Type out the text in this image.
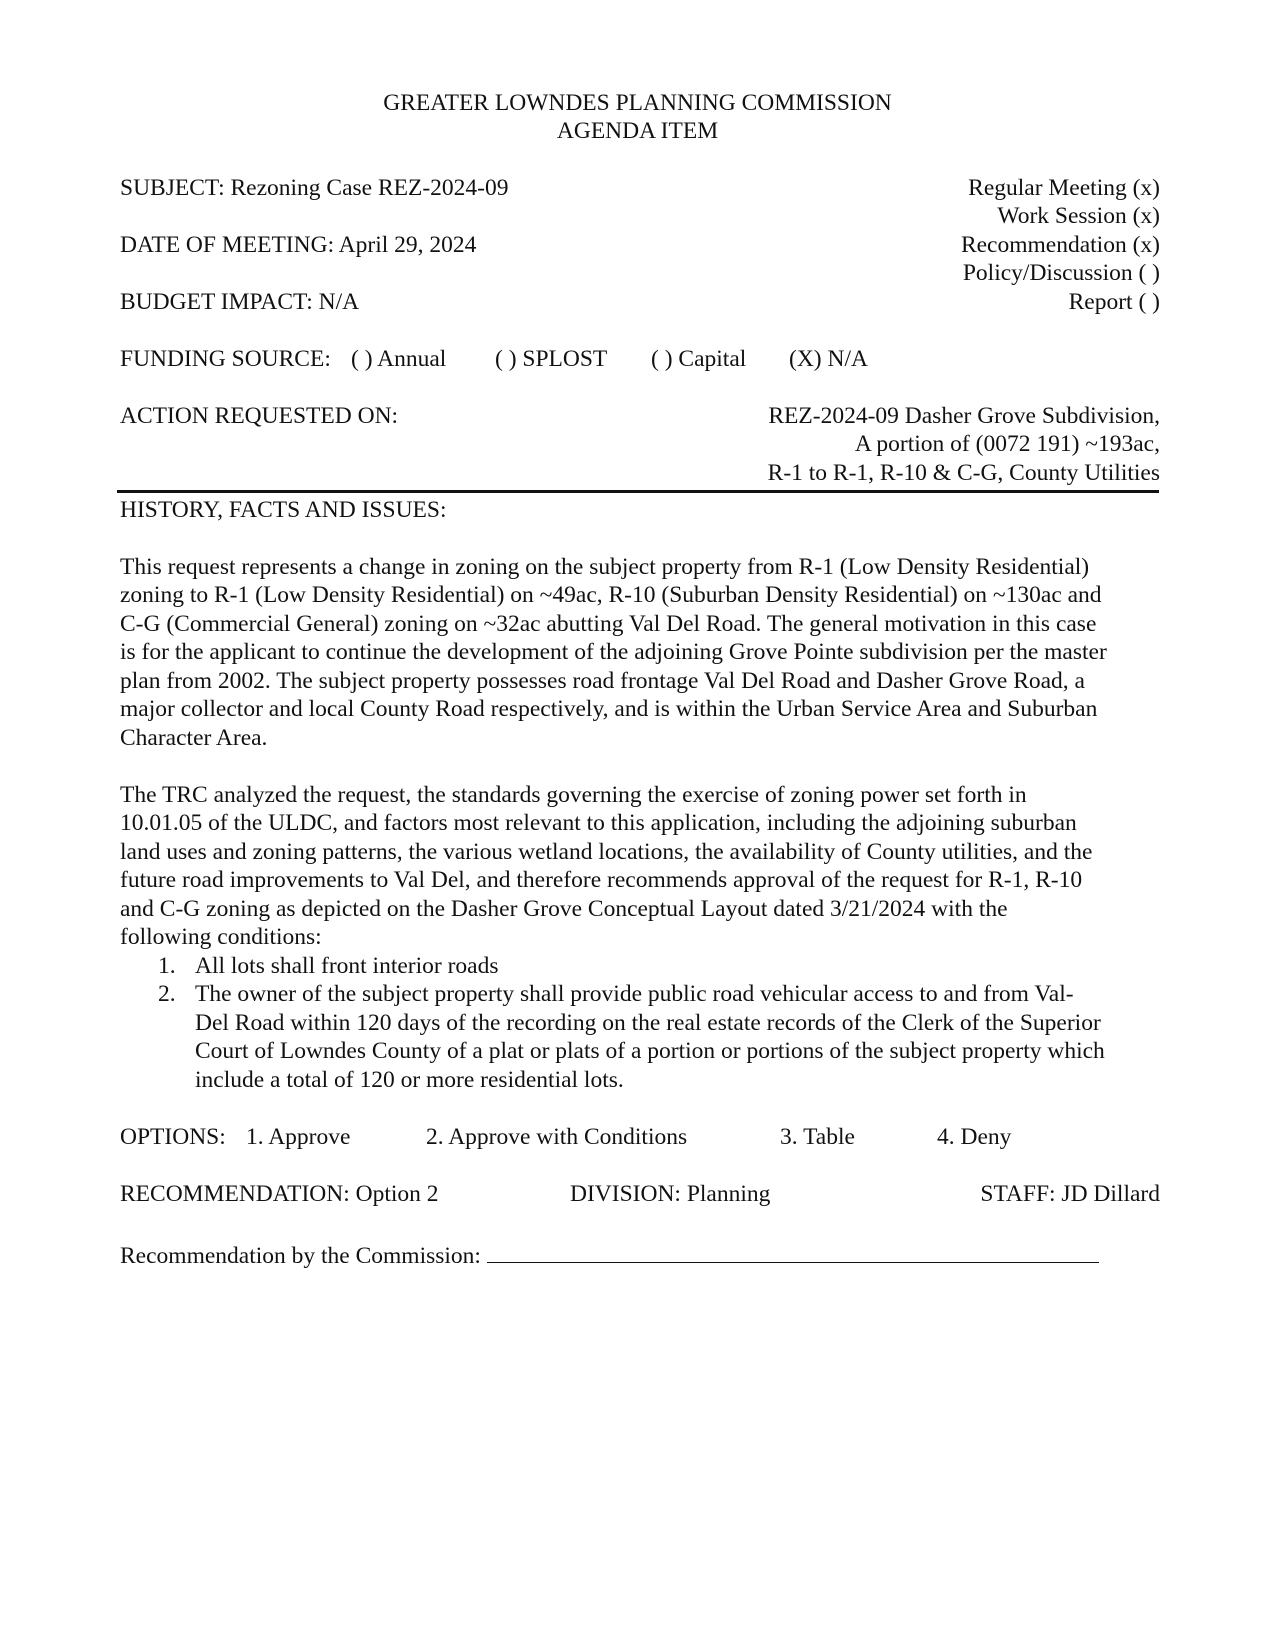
GREATER LOWNDES PLANNING COMMISSION
AGENDA ITEM
SUBJECT: Rezoning Case REZ-2024-09
DATE OF MEETING: April 29, 2024
BUDGET IMPACT: N/A
Regular Meeting (x)
Work Session (x)
Recommendation (x)
Policy/Discussion ( )
Report ( )
FUNDING SOURCE: ( ) Annual ( ) SPLOST ( ) Capital (X) N/A
ACTION REQUESTED ON:	REZ-2024-09 Dasher Grove Subdivision,
A portion of (0072 191) ~193ac,
R-1 to R-1, R-10 & C-G, County Utilities
HISTORY, FACTS AND ISSUES:
This request represents a change in zoning on the subject property from R-1 (Low Density Residential)
zoning to R-1 (Low Density Residential) on ~49ac, R-10 (Suburban Density Residential) on ~130ac and
C-G (Commercial General) zoning on ~32ac abutting Val Del Road. The general motivation in this case
is for the applicant to continue the development of the adjoining Grove Pointe subdivision per the master
plan from 2002. The subject property possesses road frontage Val Del Road and Dasher Grove Road, a
major collector and local County Road respectively, and is within the Urban Service Area and Suburban
Character Area.
The TRC analyzed the request, the standards governing the exercise of zoning power set forth in
10.01.05 of the ULDC, and factors most relevant to this application, including the adjoining suburban
land uses and zoning patterns, the various wetland locations, the availability of County utilities, and the
future road improvements to Val Del, and therefore recommends approval of the request for R-1, R-10
and C-G zoning as depicted on the Dasher Grove Conceptual Layout dated 3/21/2024 with the
following conditions:
1. All lots shall front interior roads
2. The owner of the subject property shall provide public road vehicular access to and from Val-
Del Road within 120 days of the recording on the real estate records of the Clerk of the Superior
Court of Lowndes County of a plat or plats of a portion or portions of the subject property which
include a total of 120 or more residential lots.
OPTIONS: 1. Approve	2. Approve with Conditions	3. Table	4. Deny
RECOMMENDATION: Option 2	DIVISION: Planning	STAFF: JD Dillard
Recommendation by the Commission:
